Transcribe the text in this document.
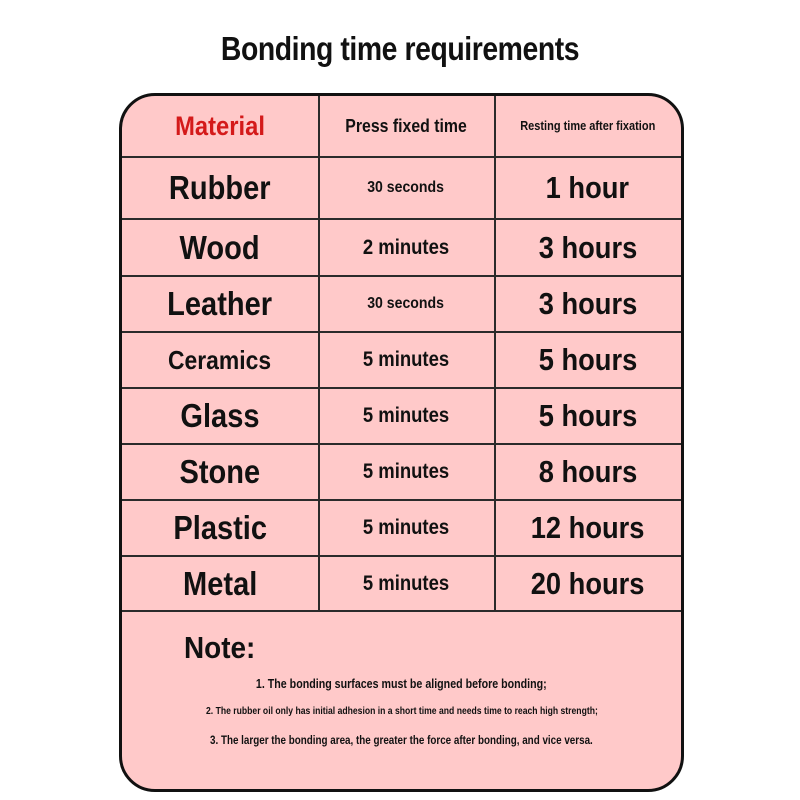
Bonding time requirements
Material	Press fixed time	Resting time after fixation
Rubber	30 seconds	1 hour
Wood	2 minutes	3 hours
Leather	30 seconds	3 hours
Ceramics	5 minutes	5 hours
Glass	5 minutes	5 hours
Stone	5 minutes	8 hours
Plastic	5 minutes	12 hours
Metal	5 minutes	20 hours
Note:
1. The bonding surfaces must be aligned before bonding;
2. The rubber oil only has initial adhesion in a short time and needs time to reach high strength;
3. The larger the bonding area, the greater the force after bonding, and vice versa.
